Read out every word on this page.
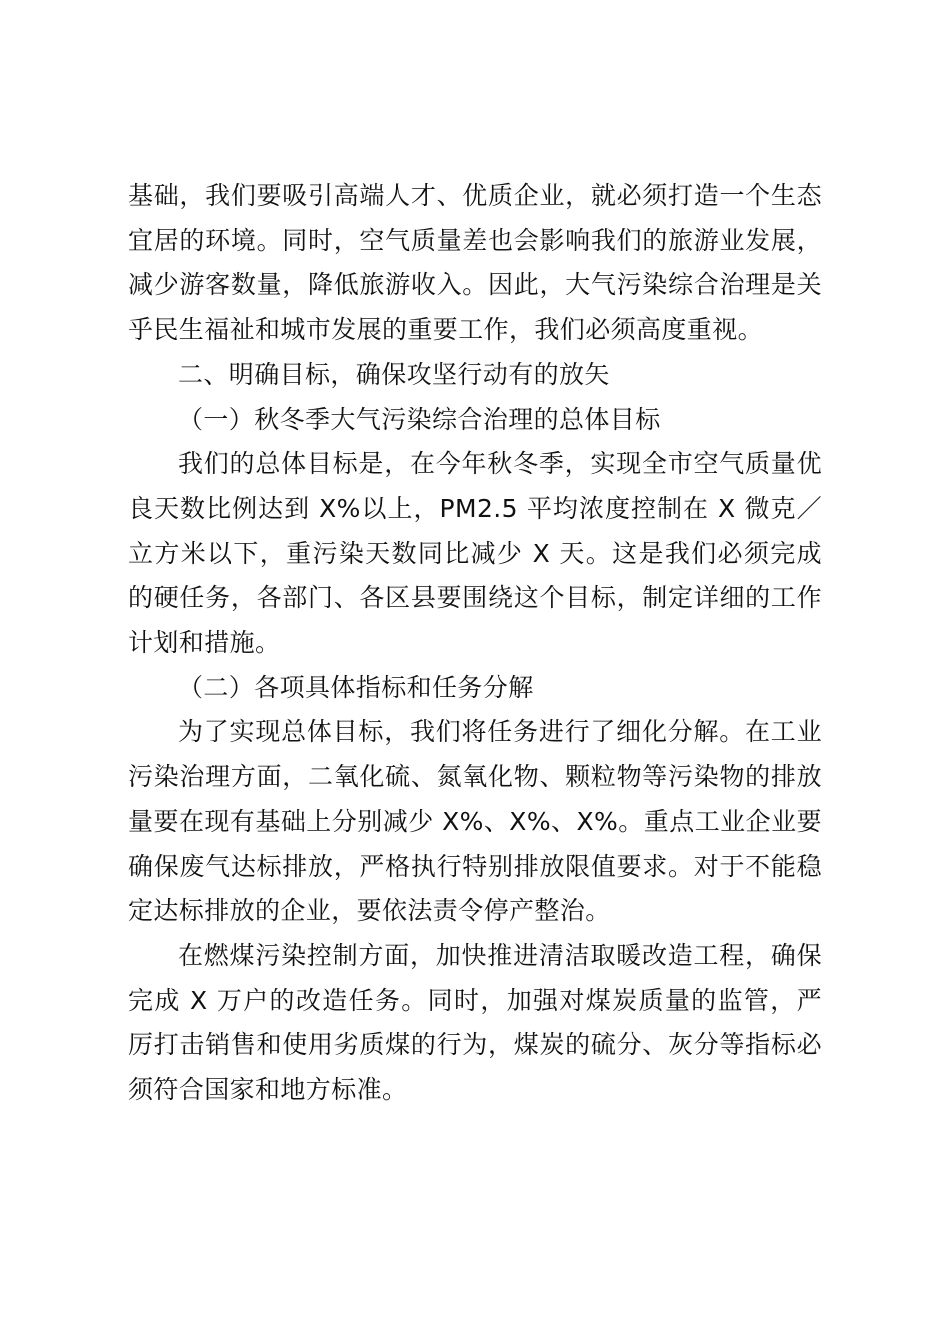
基础，我们要吸引高端人才、优质企业，就必须打造一个生态宜居的环境。同时，空气质量差也会影响我们的旅游业发展，减少游客数量，降低旅游收入。因此，大气污染综合治理是关乎民生福祉和城市发展的重要工作，我们必须高度重视。

二、明确目标，确保攻坚行动有的放矢

（一）秋冬季大气污染综合治理的总体目标

我们的总体目标是，在今年秋冬季，实现全市空气质量优良天数比例达到 X%以上，PM2.5 平均浓度控制在 X 微克／立方米以下，重污染天数同比减少 X 天。这是我们必须完成的硬任务，各部门、各区县要围绕这个目标，制定详细的工作计划和措施。

（二）各项具体指标和任务分解

为了实现总体目标，我们将任务进行了细化分解。在工业污染治理方面，二氧化硫、氮氧化物、颗粒物等污染物的排放量要在现有基础上分别减少 X%、X%、X%。重点工业企业要确保废气达标排放，严格执行特别排放限值要求。对于不能稳定达标排放的企业，要依法责令停产整治。

在燃煤污染控制方面，加快推进清洁取暖改造工程，确保完成 X 万户的改造任务。同时，加强对煤炭质量的监管，严厉打击销售和使用劣质煤的行为，煤炭的硫分、灰分等指标必须符合国家和地方标准。
